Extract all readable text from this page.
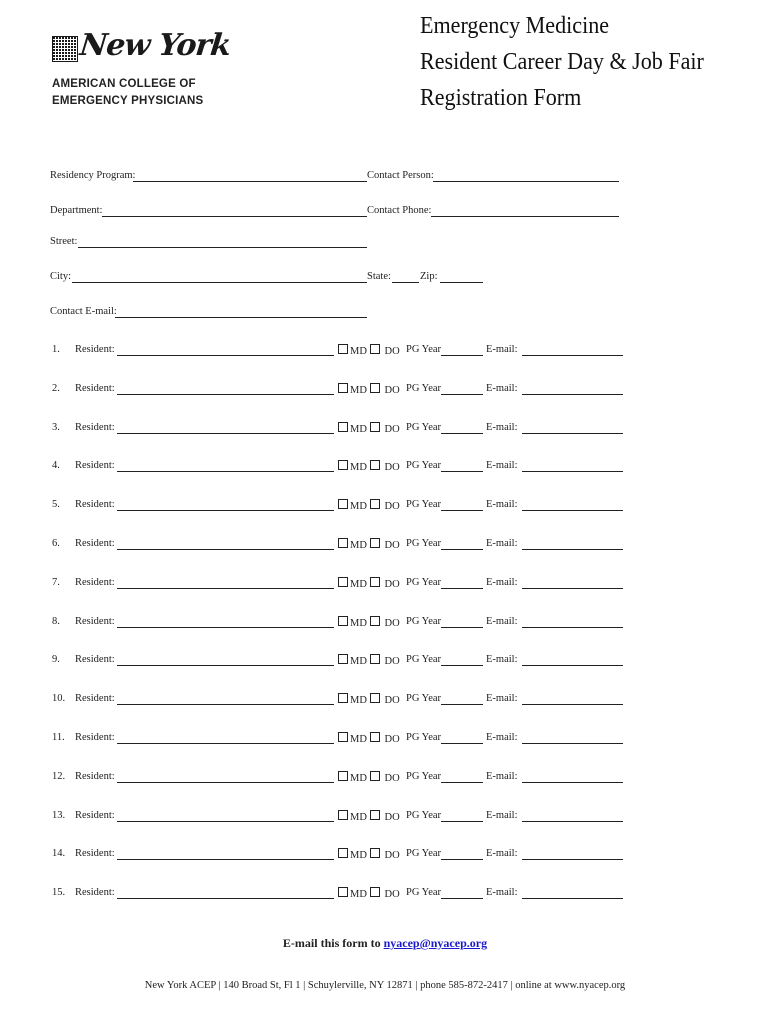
New York
AMERICAN COLLEGE OF
EMERGENCY PHYSICIANS
Emergency Medicine
Resident Career Day & Job Fair
Registration Form
Residency Program:	Contact Person:
Department:	Contact Phone:
Street:
City:	State:	Zip:
Contact E-mail:
1. Resident:	MD DO PG Year	E-mail:
2. Resident:	MD DO PG Year	E-mail:
3. Resident:	MD DO PG Year	E-mail:
4. Resident:	MD DO PG Year	E-mail:
5. Resident:	MD DO PG Year	E-mail:
6. Resident:	MD DO PG Year	E-mail:
7. Resident:	MD DO PG Year	E-mail:
8. Resident:	MD DO PG Year	E-mail:
9. Resident:	MD DO PG Year	E-mail:
10. Resident:	MD DO PG Year	E-mail:
11. Resident:	MD DO PG Year	E-mail:
12. Resident:	MD DO PG Year	E-mail:
13. Resident:	MD DO PG Year	E-mail:
14. Resident:	MD DO PG Year	E-mail:
15. Resident:	MD DO PG Year	E-mail:
E-mail this form to nyacep@nyacep.org
New York ACEP | 140 Broad St, Fl 1 | Schuylerville, NY 12871 | phone 585-872-2417 | online at www.nyacep.org
